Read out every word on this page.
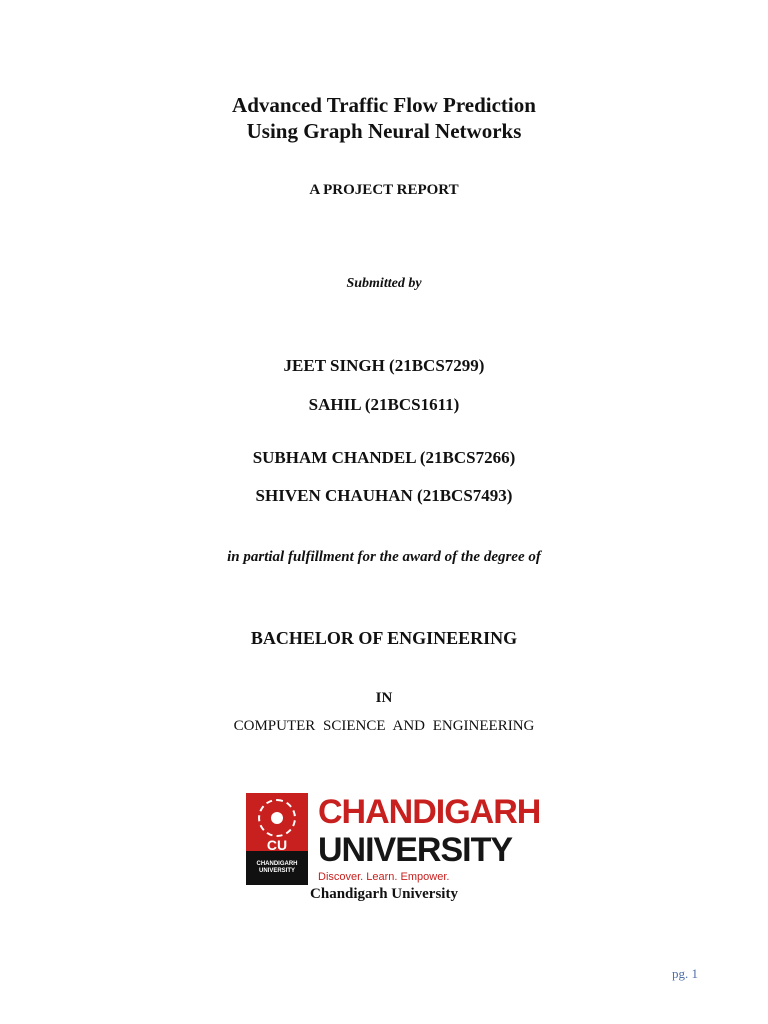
Advanced Traffic Flow Prediction
Using Graph Neural Networks
A PROJECT REPORT
Submitted by
JEET SINGH (21BCS7299)
SAHIL (21BCS1611)
SUBHAM CHANDEL (21BCS7266)
SHIVEN CHAUHAN (21BCS7493)
in partial fulfillment for the award of the degree of
BACHELOR OF ENGINEERING
IN
COMPUTER SCIENCE AND ENGINEERING
CU
CHANDIGARH UNIVERSITY
CHANDIGARH
UNIVERSITY
Discover. Learn. Empower.
Chandigarh University
pg. 1
